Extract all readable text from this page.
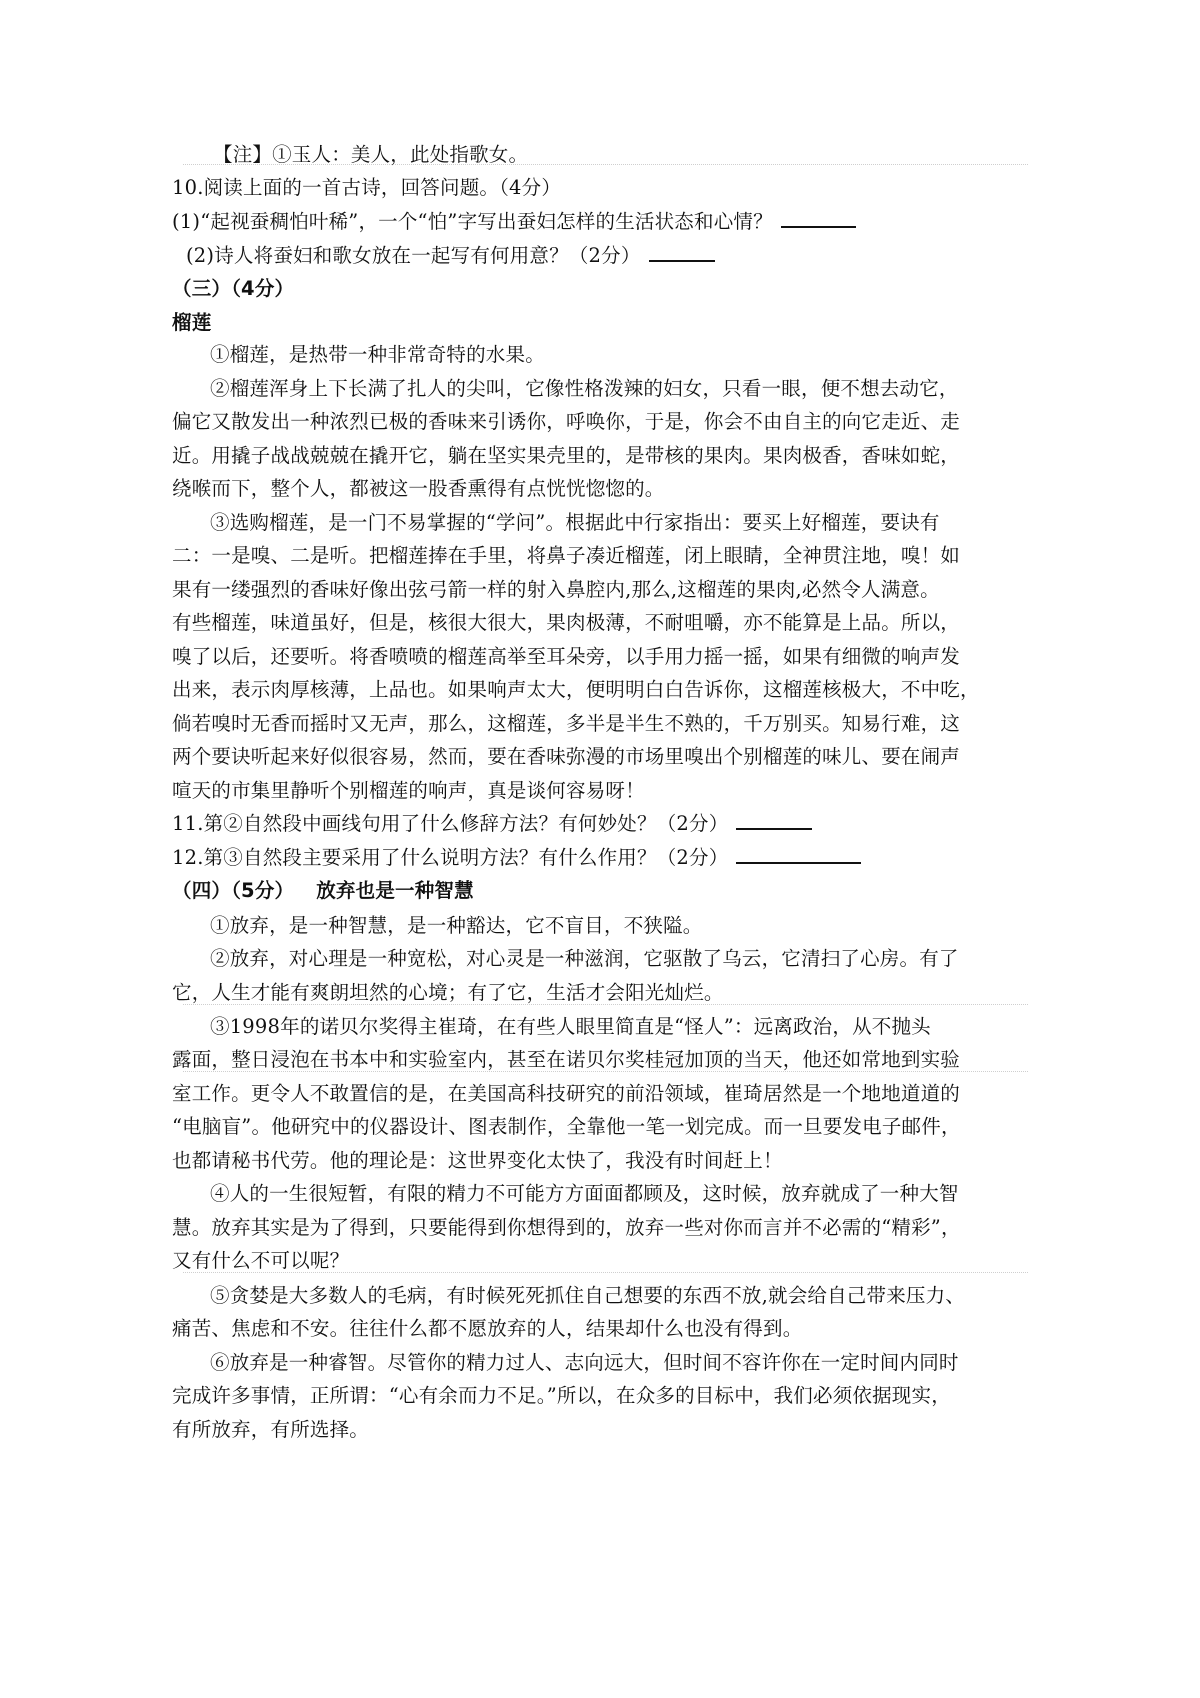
【注】①玉人：美人，此处指歌女。
10.阅读上面的一首古诗，回答问题。（4分）
(1)“起视蚕稠怕叶稀”，一个“怕”字写出蚕妇怎样的生活状态和心情？
(2)诗人将蚕妇和歌女放在一起写有何用意？（2分）
（三）（4分）
榴莲
①榴莲，是热带一种非常奇特的水果。
②榴莲浑身上下长满了扎人的尖叫，它像性格泼辣的妇女，只看一眼，便不想去动它，
偏它又散发出一种浓烈已极的香味来引诱你，呼唤你，于是，你会不由自主的向它走近、走
近。用撬子战战兢兢在撬开它，躺在坚实果壳里的，是带核的果肉。果肉极香，香味如蛇，
绕喉而下，整个人，都被这一股香熏得有点恍恍惚惚的。
③选购榴莲，是一门不易掌握的“学问”。根据此中行家指出：要买上好榴莲，要诀有
二：一是嗅、二是听。把榴莲捧在手里，将鼻子凑近榴莲，闭上眼睛，全神贯注地，嗅！如
果有一缕强烈的香味好像出弦弓箭一样的射入鼻腔内,那么,这榴莲的果肉,必然令人满意。
有些榴莲，味道虽好，但是，核很大很大，果肉极薄，不耐咀嚼，亦不能算是上品。所以，
嗅了以后，还要听。将香喷喷的榴莲高举至耳朵旁，以手用力摇一摇，如果有细微的响声发
出来，表示肉厚核薄，上品也。如果响声太大，便明明白白告诉你，这榴莲核极大，不中吃，
倘若嗅时无香而摇时又无声，那么，这榴莲，多半是半生不熟的，千万别买。知易行难，这
两个要诀听起来好似很容易，然而，要在香味弥漫的市场里嗅出个别榴莲的味儿、要在闹声
喧天的市集里静听个别榴莲的响声，真是谈何容易呀！
11.第②自然段中画线句用了什么修辞方法？有何妙处？（2分）
12.第③自然段主要采用了什么说明方法？有什么作用？（2分）
（四）（5分） 放弃也是一种智慧
①放弃，是一种智慧，是一种豁达，它不盲目，不狭隘。
②放弃，对心理是一种宽松，对心灵是一种滋润，它驱散了乌云，它清扫了心房。有了
它，人生才能有爽朗坦然的心境；有了它，生活才会阳光灿烂。
③1998年的诺贝尔奖得主崔琦，在有些人眼里简直是“怪人”：远离政治，从不抛头
露面，整日浸泡在书本中和实验室内，甚至在诺贝尔奖桂冠加顶的当天，他还如常地到实验
室工作。更令人不敢置信的是，在美国高科技研究的前沿领域，崔琦居然是一个地地道道的
“电脑盲”。他研究中的仪器设计、图表制作，全靠他一笔一划完成。而一旦要发电子邮件，
也都请秘书代劳。他的理论是：这世界变化太快了，我没有时间赶上！
④人的一生很短暂，有限的精力不可能方方面面都顾及，这时候，放弃就成了一种大智
慧。放弃其实是为了得到，只要能得到你想得到的，放弃一些对你而言并不必需的“精彩”，
又有什么不可以呢？
⑤贪婪是大多数人的毛病，有时候死死抓住自己想要的东西不放,就会给自己带来压力、
痛苦、焦虑和不安。往往什么都不愿放弃的人，结果却什么也没有得到。
⑥放弃是一种睿智。尽管你的精力过人、志向远大，但时间不容许你在一定时间内同时
完成许多事情，正所谓：“心有余而力不足。”所以，在众多的目标中，我们必须依据现实，
有所放弃，有所选择。
